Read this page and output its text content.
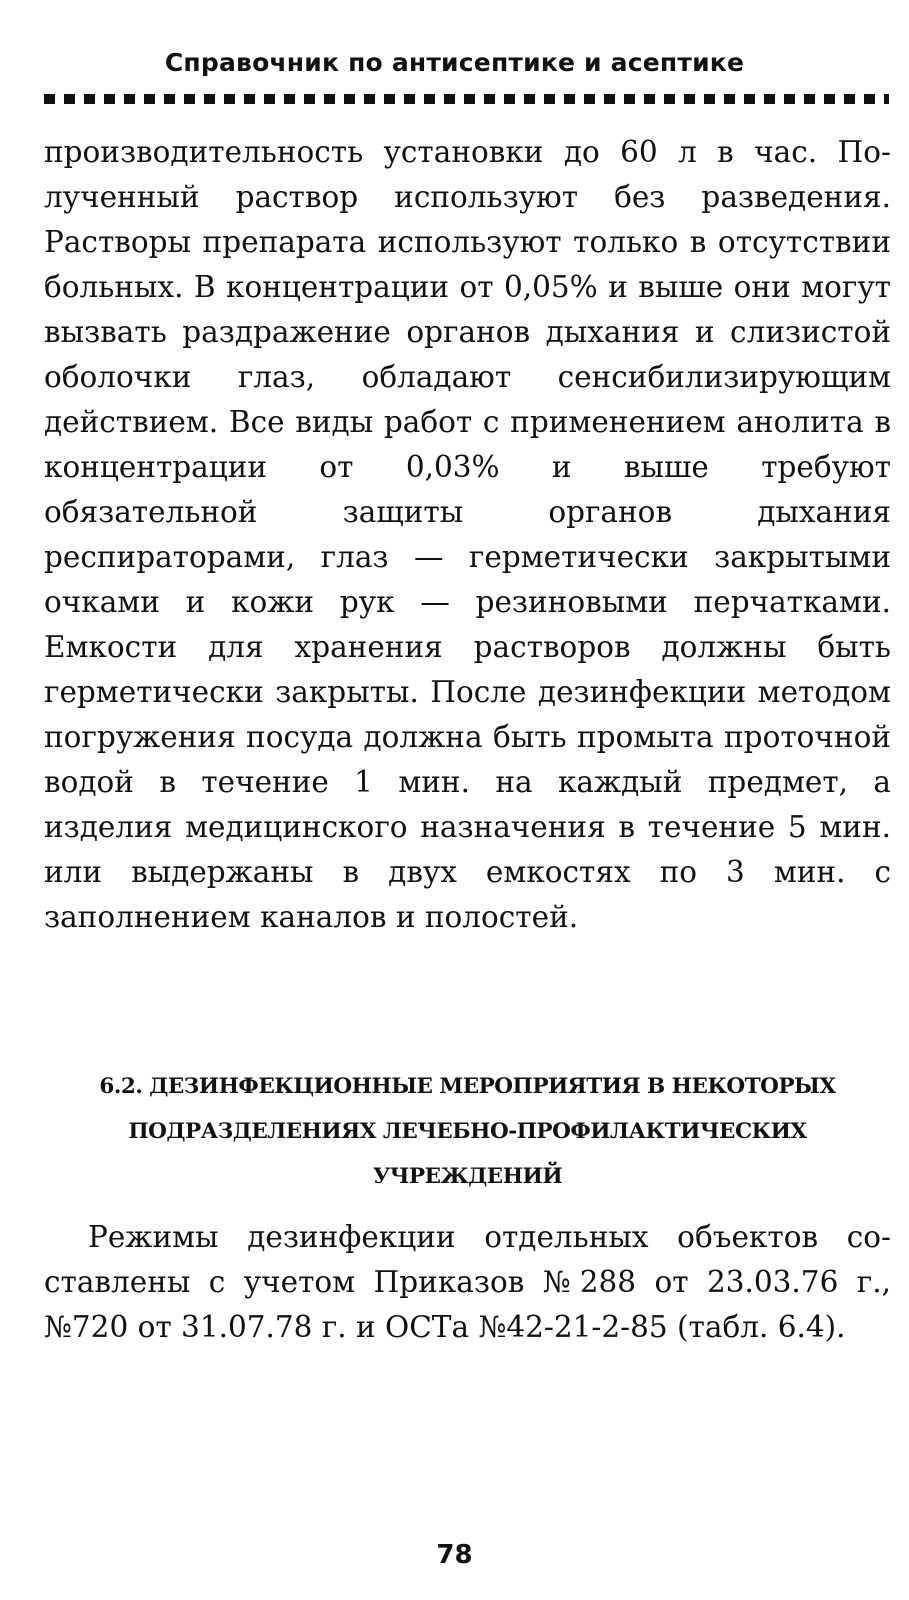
Справочник по антисептике и асептике
производительность установки до 60 л в час. Полученный раствор используют без разведения. Растворы препарата используют только в отсутствии больных. В концентрации от 0,05% и выше они могут вызвать раздражение органов дыхания и слизистой оболочки глаз, обладают сенсибилизирующим действием. Все виды работ с применением анолита в концентрации от 0,03% и выше требуют обязательной защиты органов дыхания респираторами, глаз — герметически закрытыми очками и кожи рук — резиновыми перчатками. Емкости для хранения растворов должны быть герметически закрыты. После дезинфекции методом погружения посуда должна быть промыта проточной водой в течение 1 мин. на каждый предмет, а изделия медицинского назначения в течение 5 мин. или выдержаны в двух емкостях по 3 мин. с заполнением каналов и полостей.
6.2. ДЕЗИНФЕКЦИОННЫЕ МЕРОПРИЯТИЯ В НЕКОТОРЫХ
ПОДРАЗДЕЛЕНИЯХ ЛЕЧЕБНО-ПРОФИЛАКТИЧЕСКИХ
УЧРЕЖДЕНИЙ
Режимы дезинфекции отдельных объектов составлены с учетом Приказов №288 от 23.03.76 г., №720 от 31.07.78 г. и ОСТа №42-21-2-85 (табл. 6.4).
78
